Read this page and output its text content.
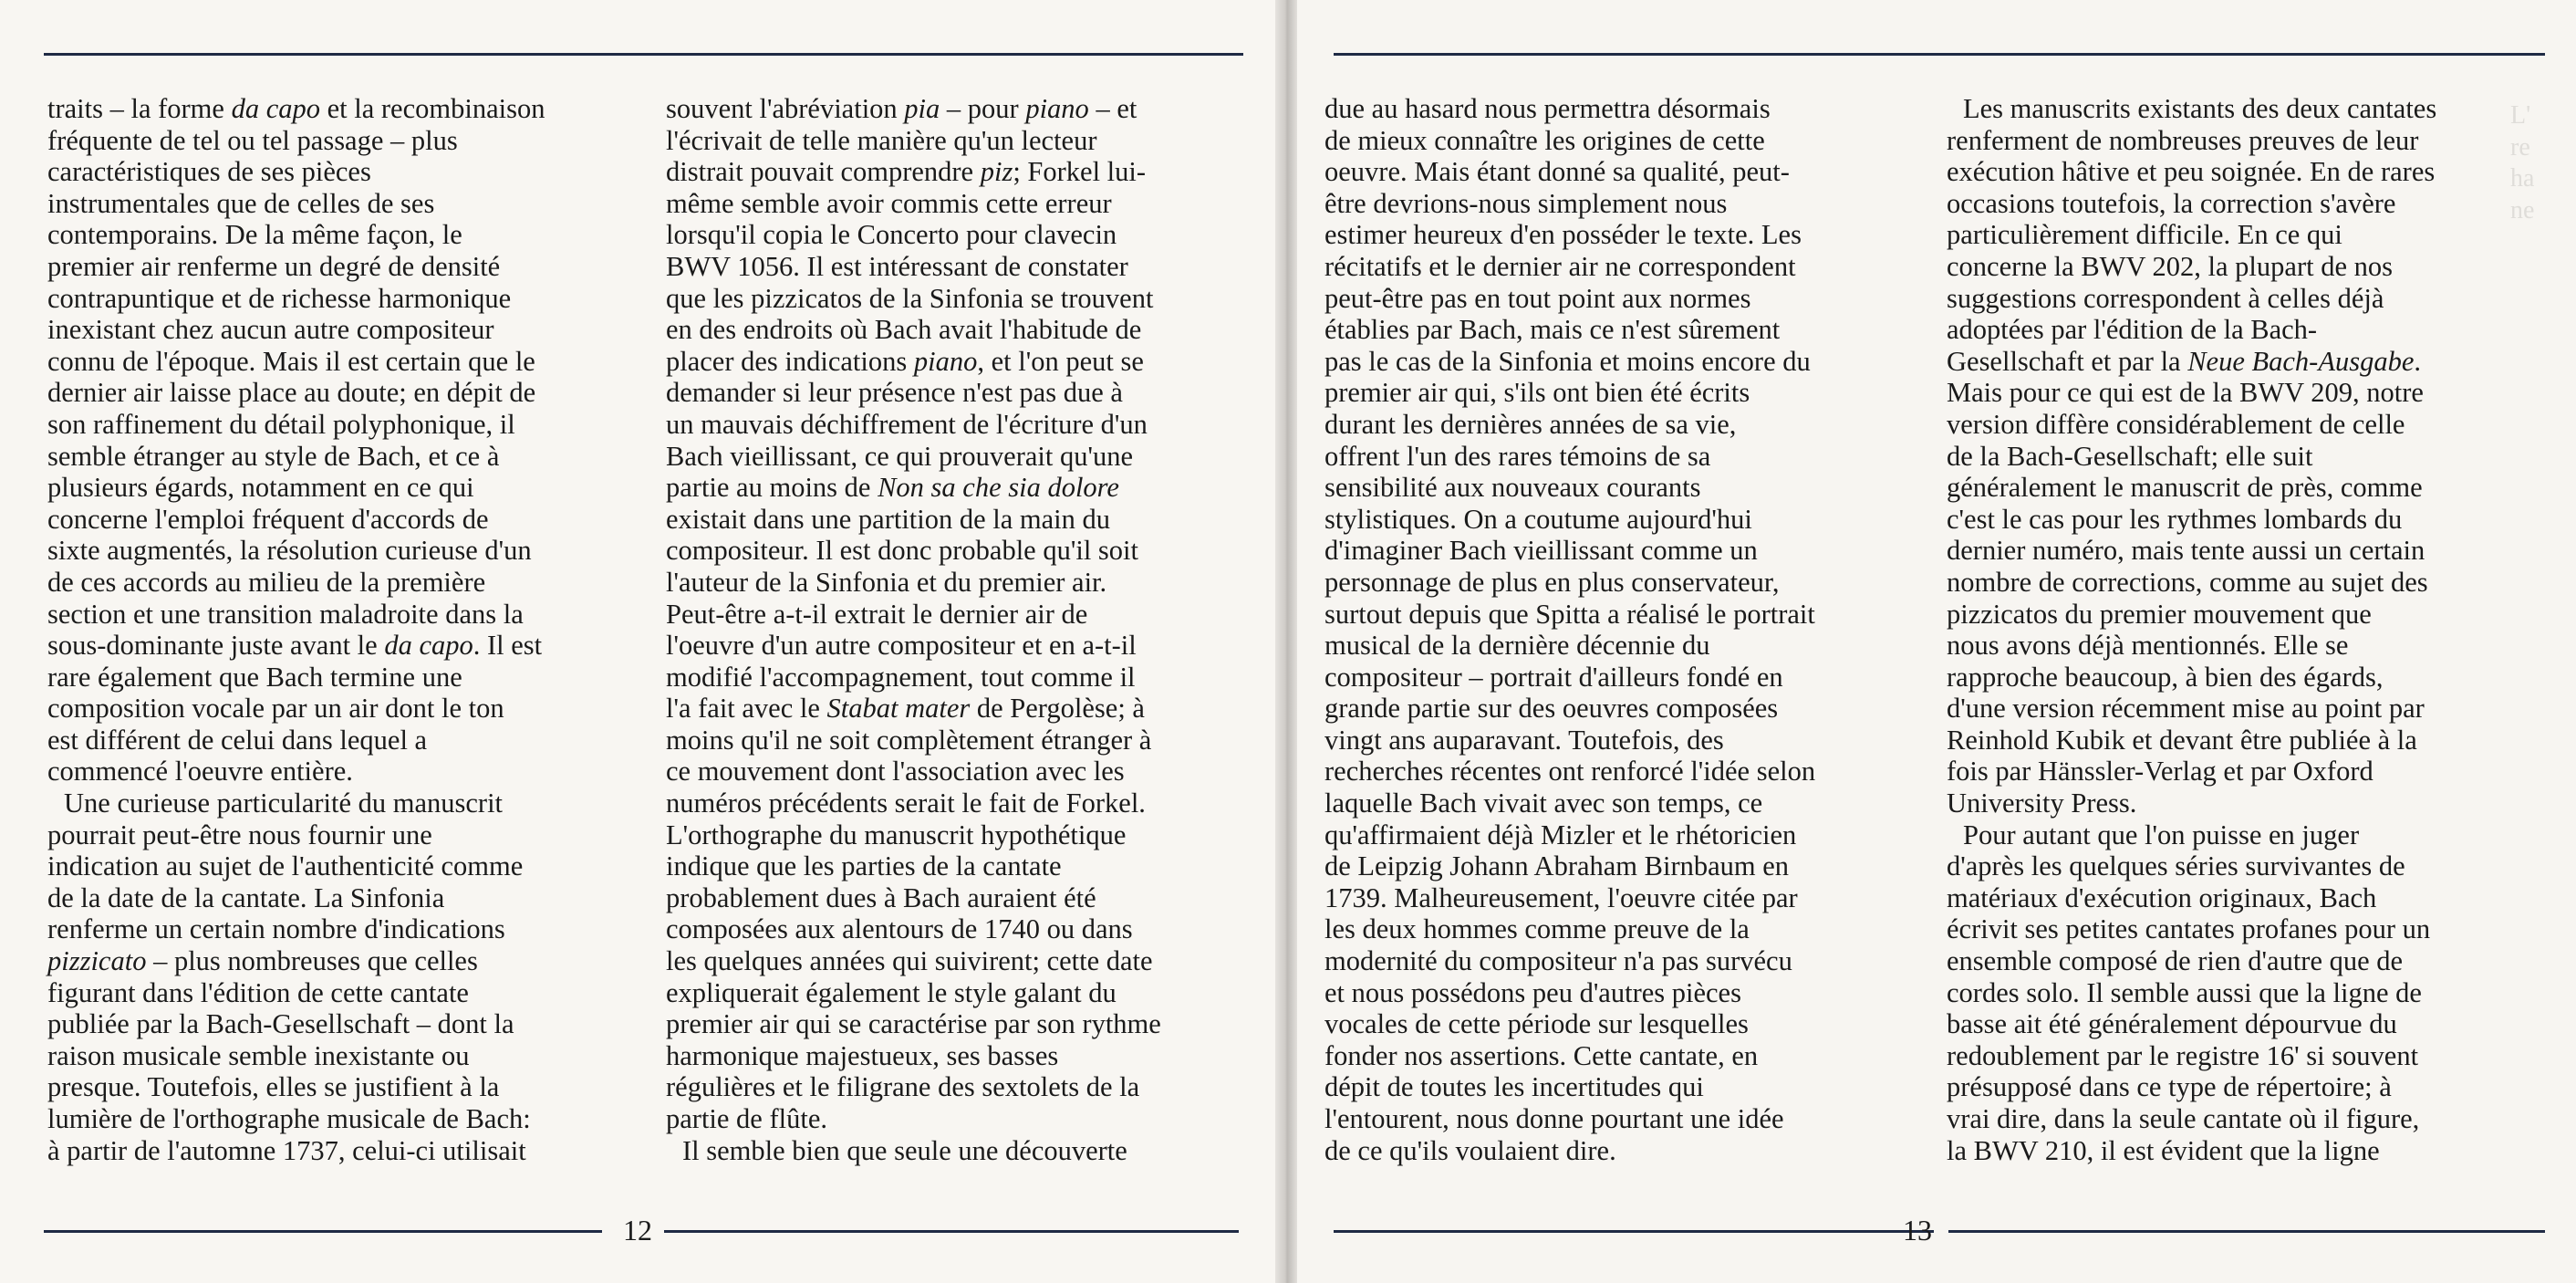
traits – la forme da capo et la recombinaison
fréquente de tel ou tel passage – plus
caractéristiques de ses pièces
instrumentales que de celles de ses
contemporains. De la même façon, le
premier air renferme un degré de densité
contrapuntique et de richesse harmonique
inexistant chez aucun autre compositeur
connu de l'époque. Mais il est certain que le
dernier air laisse place au doute; en dépit de
son raffinement du détail polyphonique, il
semble étranger au style de Bach, et ce à
plusieurs égards, notamment en ce qui
concerne l'emploi fréquent d'accords de
sixte augmentés, la résolution curieuse d'un
de ces accords au milieu de la première
section et une transition maladroite dans la
sous-dominante juste avant le da capo. Il est
rare également que Bach termine une
composition vocale par un air dont le ton
est différent de celui dans lequel a
commencé l'oeuvre entière.
Une curieuse particularité du manuscrit
pourrait peut-être nous fournir une
indication au sujet de l'authenticité comme
de la date de la cantate. La Sinfonia
renferme un certain nombre d'indications
pizzicato – plus nombreuses que celles
figurant dans l'édition de cette cantate
publiée par la Bach-Gesellschaft – dont la
raison musicale semble inexistante ou
presque. Toutefois, elles se justifient à la
lumière de l'orthographe musicale de Bach:
à partir de l'automne 1737, celui-ci utilisait
souvent l'abréviation pia – pour piano – et
l'écrivait de telle manière qu'un lecteur
distrait pouvait comprendre piz; Forkel lui-
même semble avoir commis cette erreur
lorsqu'il copia le Concerto pour clavecin
BWV 1056. Il est intéressant de constater
que les pizzicatos de la Sinfonia se trouvent
en des endroits où Bach avait l'habitude de
placer des indications piano, et l'on peut se
demander si leur présence n'est pas due à
un mauvais déchiffrement de l'écriture d'un
Bach vieillissant, ce qui prouverait qu'une
partie au moins de Non sa che sia dolore
existait dans une partition de la main du
compositeur. Il est donc probable qu'il soit
l'auteur de la Sinfonia et du premier air.
Peut-être a-t-il extrait le dernier air de
l'oeuvre d'un autre compositeur et en a-t-il
modifié l'accompagnement, tout comme il
l'a fait avec le Stabat mater de Pergolèse; à
moins qu'il ne soit complètement étranger à
ce mouvement dont l'association avec les
numéros précédents serait le fait de Forkel.
L'orthographe du manuscrit hypothétique
indique que les parties de la cantate
probablement dues à Bach auraient été
composées aux alentours de 1740 ou dans
les quelques années qui suivirent; cette date
expliquerait également le style galant du
premier air qui se caractérise par son rythme
harmonique majestueux, ses basses
régulières et le filigrane des sextolets de la
partie de flûte.
Il semble bien que seule une découverte
12
L'
re
ha
ne
due au hasard nous permettra désormais
de mieux connaître les origines de cette
oeuvre. Mais étant donné sa qualité, peut-
être devrions-nous simplement nous
estimer heureux d'en posséder le texte. Les
récitatifs et le dernier air ne correspondent
peut-être pas en tout point aux normes
établies par Bach, mais ce n'est sûrement
pas le cas de la Sinfonia et moins encore du
premier air qui, s'ils ont bien été écrits
durant les dernières années de sa vie,
offrent l'un des rares témoins de sa
sensibilité aux nouveaux courants
stylistiques. On a coutume aujourd'hui
d'imaginer Bach vieillissant comme un
personnage de plus en plus conservateur,
surtout depuis que Spitta a réalisé le portrait
musical de la dernière décennie du
compositeur – portrait d'ailleurs fondé en
grande partie sur des oeuvres composées
vingt ans auparavant. Toutefois, des
recherches récentes ont renforcé l'idée selon
laquelle Bach vivait avec son temps, ce
qu'affirmaient déjà Mizler et le rhétoricien
de Leipzig Johann Abraham Birnbaum en
1739. Malheureusement, l'oeuvre citée par
les deux hommes comme preuve de la
modernité du compositeur n'a pas survécu
et nous possédons peu d'autres pièces
vocales de cette période sur lesquelles
fonder nos assertions. Cette cantate, en
dépit de toutes les incertitudes qui
l'entourent, nous donne pourtant une idée
de ce qu'ils voulaient dire.
Les manuscrits existants des deux cantates
renferment de nombreuses preuves de leur
exécution hâtive et peu soignée. En de rares
occasions toutefois, la correction s'avère
particulièrement difficile. En ce qui
concerne la BWV 202, la plupart de nos
suggestions correspondent à celles déjà
adoptées par l'édition de la Bach-
Gesellschaft et par la Neue Bach-Ausgabe.
Mais pour ce qui est de la BWV 209, notre
version diffère considérablement de celle
de la Bach-Gesellschaft; elle suit
généralement le manuscrit de près, comme
c'est le cas pour les rythmes lombards du
dernier numéro, mais tente aussi un certain
nombre de corrections, comme au sujet des
pizzicatos du premier mouvement que
nous avons déjà mentionnés. Elle se
rapproche beaucoup, à bien des égards,
d'une version récemment mise au point par
Reinhold Kubik et devant être publiée à la
fois par Hänssler-Verlag et par Oxford
University Press.
Pour autant que l'on puisse en juger
d'après les quelques séries survivantes de
matériaux d'exécution originaux, Bach
écrivit ses petites cantates profanes pour un
ensemble composé de rien d'autre que de
cordes solo. Il semble aussi que la ligne de
basse ait été généralement dépourvue du
redoublement par le registre 16' si souvent
présupposé dans ce type de répertoire; à
vrai dire, dans la seule cantate où il figure,
la BWV 210, il est évident que la ligne
13
